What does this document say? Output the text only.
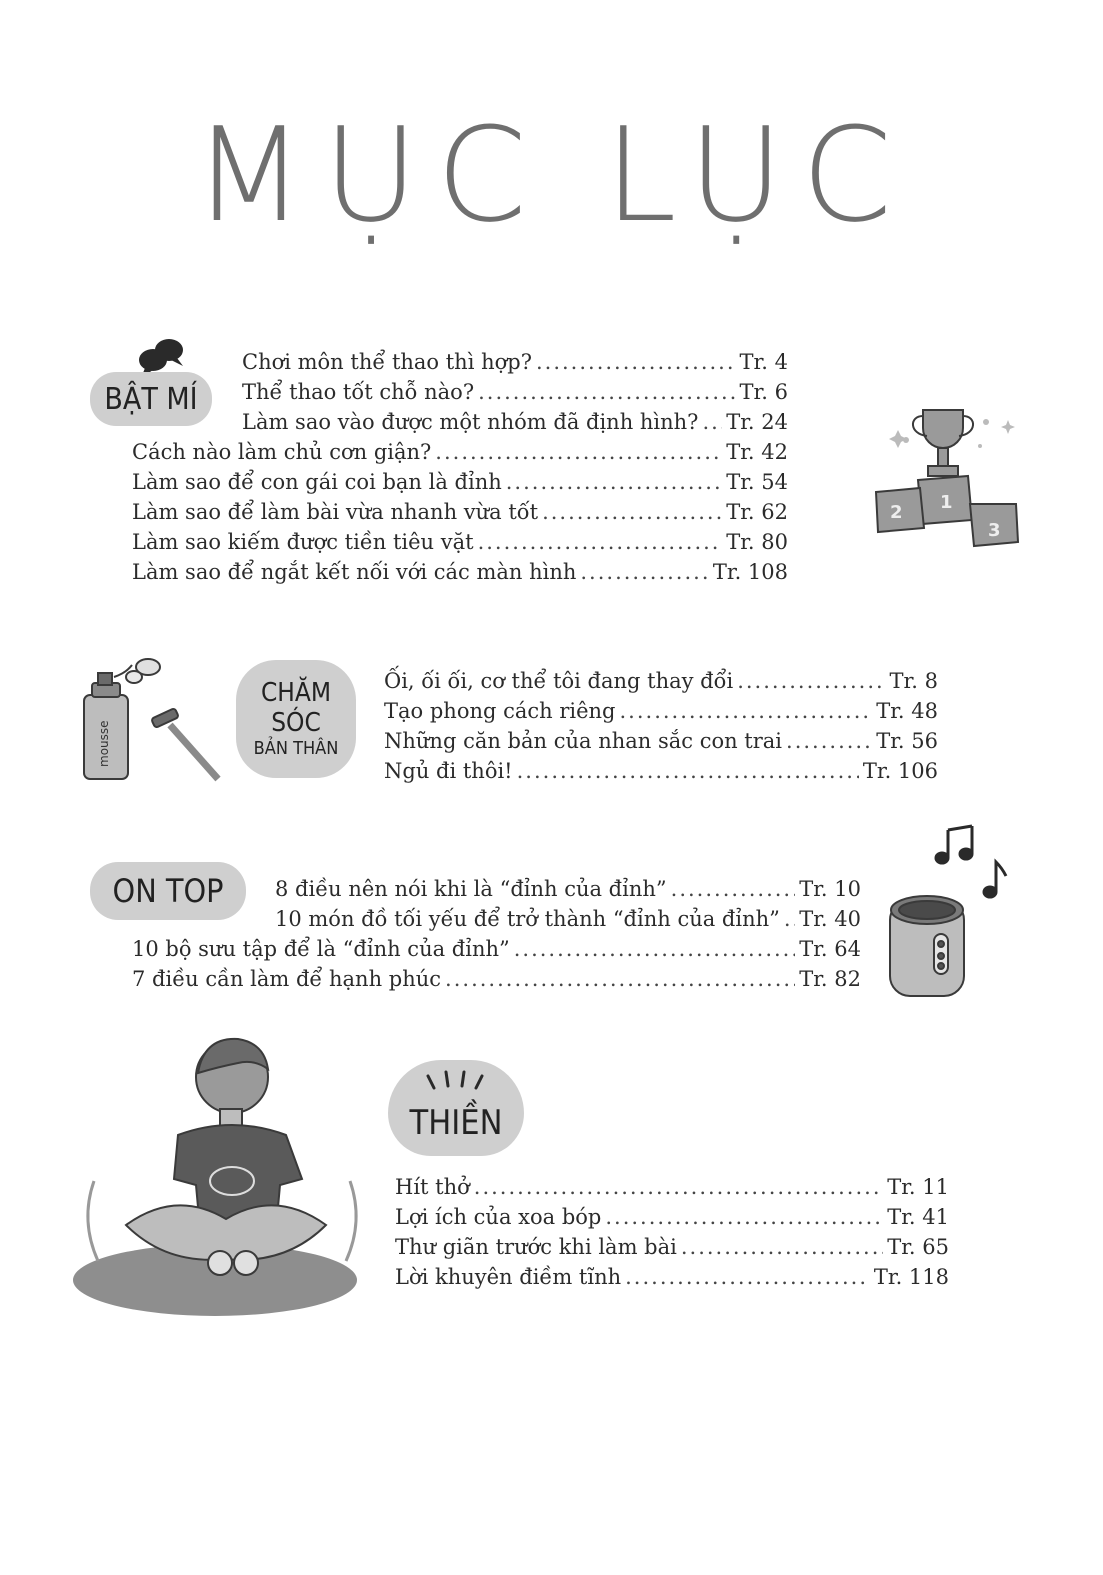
MỤC LỤC
BẬT MÍ
Chơi môn thể thao thì hợp? .....	Tr. 4
Thể thao tốt chỗ nào? .....	Tr. 6
Làm sao vào được một nhóm đã định hình? ..... Tr. 24
Cách nào làm chủ cơn giận? .....	Tr. 42
Làm sao để con gái coi bạn là đỉnh .....	Tr. 54
Làm sao để làm bài vừa nhanh vừa tốt .....	Tr. 62
Làm sao kiếm được tiền tiêu vặt .....	Tr. 80
Làm sao để ngắt kết nối với các màn hình .....	Tr. 108
1
2
3
mousse
CHĂM
SÓC
BẢN THÂN
Ối, ối ối, cơ thể tôi đang thay đổi .....	Tr. 8
Tạo phong cách riêng .....	Tr. 48
Những căn bản của nhan sắc con trai .....	Tr. 56
Ngủ đi thôi! .....	Tr. 106
ON TOP 8 điều nên nói khi là “đỉnh của đỉnh” .....	Tr. 10
10 món đồ tối yếu để trở thành “đỉnh của đỉnh” ..... Tr. 40
10 bộ sưu tập để là “đỉnh của đỉnh” .....	Tr. 64
7 điều cần làm để hạnh phúc .....	Tr. 82
THIỀN
Hít thở .....	Tr. 11
Lợi ích của xoa bóp .....	Tr. 41
Thư giãn trước khi làm bài .....	Tr. 65
Lời khuyên điềm tĩnh .....	Tr. 118
